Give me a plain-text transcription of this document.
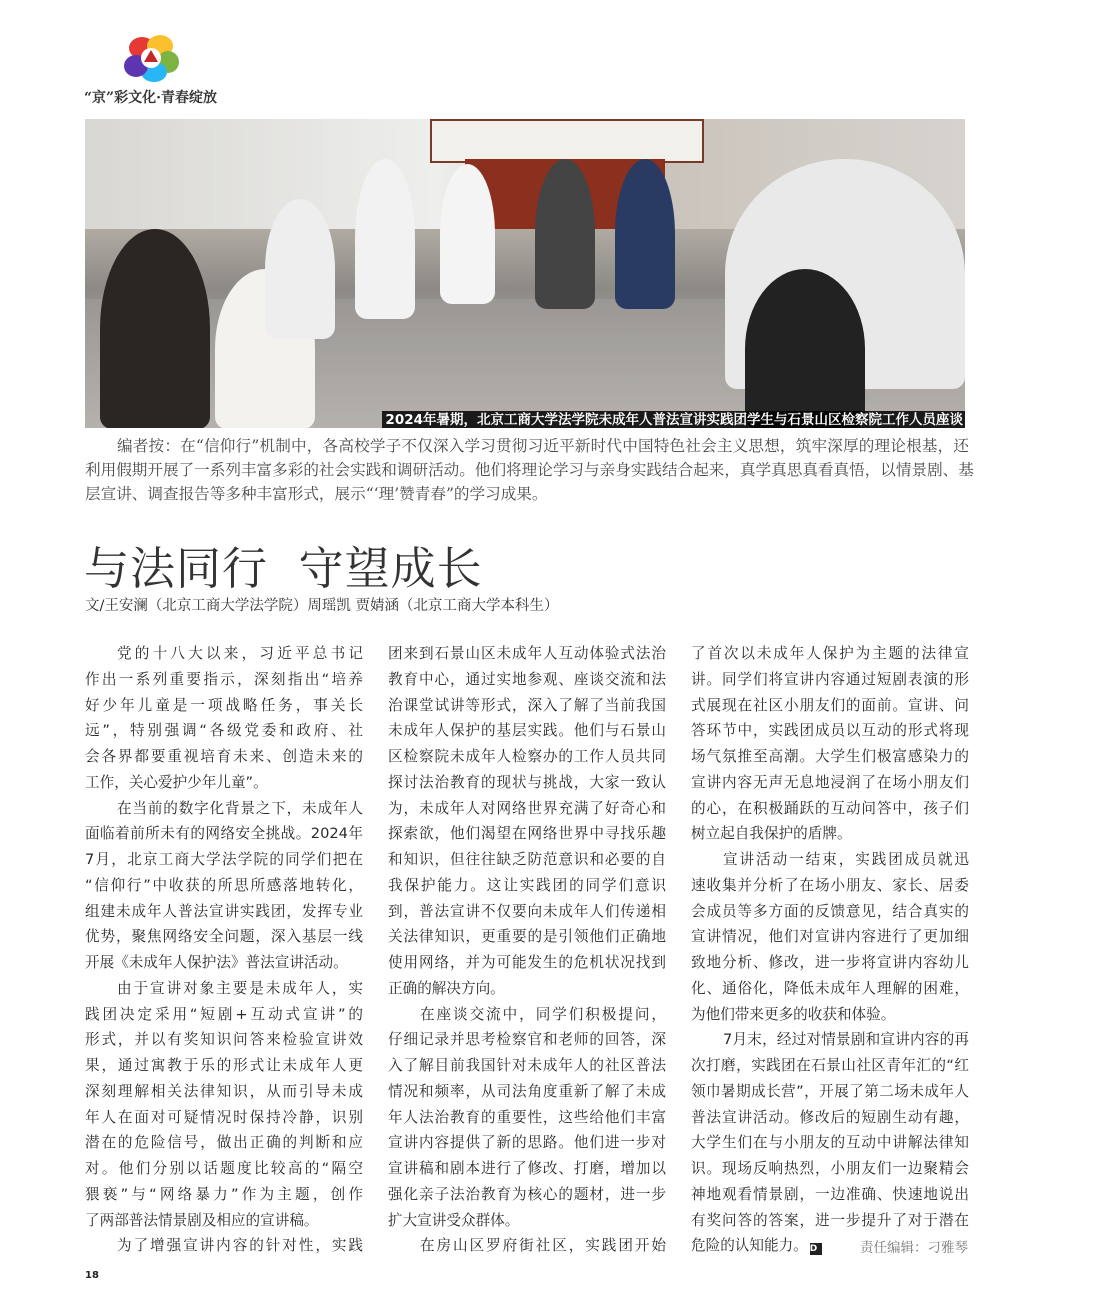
“京”彩文化·青春绽放
2024年暑期，北京工商大学法学院未成年人普法宣讲实践团学生与石景山区检察院工作人员座谈
编者按：在“信仰行”机制中，各高校学子不仅深入学习贯彻习近平新时代中国特色社会主义思想，筑牢深厚的理论根基，还
利用假期开展了一系列丰富多彩的社会实践和调研活动。他们将理论学习与亲身实践结合起来，真学真思真看真悟，以情景剧、基
层宣讲、调查报告等多种丰富形式，展示“‘理’赞青春”的学习成果。
与法同行  守望成长
文/王安澜（北京工商大学法学院）周瑶凯 贾婧涵（北京工商大学本科生）
党的十八大以来，习近平总书记
作出一系列重要指示，深刻指出“培养
好少年儿童是一项战略任务，事关长
远”，特别强调“各级党委和政府、社
会各界都要重视培育未来、创造未来的
工作，关心爱护少年儿童”。
在当前的数字化背景之下，未成年人
面临着前所未有的网络安全挑战。2024年
7月，北京工商大学法学院的同学们把在
“信仰行”中收获的所思所感落地转化，
组建未成年人普法宣讲实践团，发挥专业
优势，聚焦网络安全问题，深入基层一线
开展《未成年人保护法》普法宣讲活动。
由于宣讲对象主要是未成年人，实
践团决定采用“短剧+互动式宣讲”的
形式，并以有奖知识问答来检验宣讲效
果，通过寓教于乐的形式让未成年人更
深刻理解相关法律知识，从而引导未成
年人在面对可疑情况时保持冷静，识别
潜在的危险信号，做出正确的判断和应
对。他们分别以话题度比较高的“隔空
猥亵”与“网络暴力”作为主题，创作
了两部普法情景剧及相应的宣讲稿。
为了增强宣讲内容的针对性，实践
团来到石景山区未成年人互动体验式法治
教育中心，通过实地参观、座谈交流和法
治课堂试讲等形式，深入了解了当前我国
未成年人保护的基层实践。他们与石景山
区检察院未成年人检察办的工作人员共同
探讨法治教育的现状与挑战，大家一致认
为，未成年人对网络世界充满了好奇心和
探索欲，他们渴望在网络世界中寻找乐趣
和知识，但往往缺乏防范意识和必要的自
我保护能力。这让实践团的同学们意识
到，普法宣讲不仅要向未成年人们传递相
关法律知识，更重要的是引领他们正确地
使用网络，并为可能发生的危机状况找到
正确的解决方向。
在座谈交流中，同学们积极提问，
仔细记录并思考检察官和老师的回答，深
入了解目前我国针对未成年人的社区普法
情况和频率，从司法角度重新了解了未成
年人法治教育的重要性，这些给他们丰富
宣讲内容提供了新的思路。他们进一步对
宣讲稿和剧本进行了修改、打磨，增加以
强化亲子法治教育为核心的题材，进一步
扩大宣讲受众群体。
在房山区罗府街社区，实践团开始
了首次以未成年人保护为主题的法律宣
讲。同学们将宣讲内容通过短剧表演的形
式展现在社区小朋友们的面前。宣讲、问
答环节中，实践团成员以互动的形式将现
场气氛推至高潮。大学生们极富感染力的
宣讲内容无声无息地浸润了在场小朋友们
的心，在积极踊跃的互动问答中，孩子们
树立起自我保护的盾牌。
宣讲活动一结束，实践团成员就迅
速收集并分析了在场小朋友、家长、居委
会成员等多方面的反馈意见，结合真实的
宣讲情况，他们对宣讲内容进行了更加细
致地分析、修改，进一步将宣讲内容幼儿
化、通俗化，降低未成年人理解的困难，
为他们带来更多的收获和体验。
7月末，经过对情景剧和宣讲内容的再
次打磨，实践团在石景山社区青年汇的“红
领巾暑期成长营”，开展了第二场未成年人
普法宣讲活动。修改后的短剧生动有趣，
大学生们在与小朋友的互动中讲解法律知
识。现场反响热烈，小朋友们一边聚精会
神地观看情景剧，一边准确、快速地说出
有奖问答的答案，进一步提升了对于潜在
危险的认知能力。 D	责任编辑：刁雅琴
18
